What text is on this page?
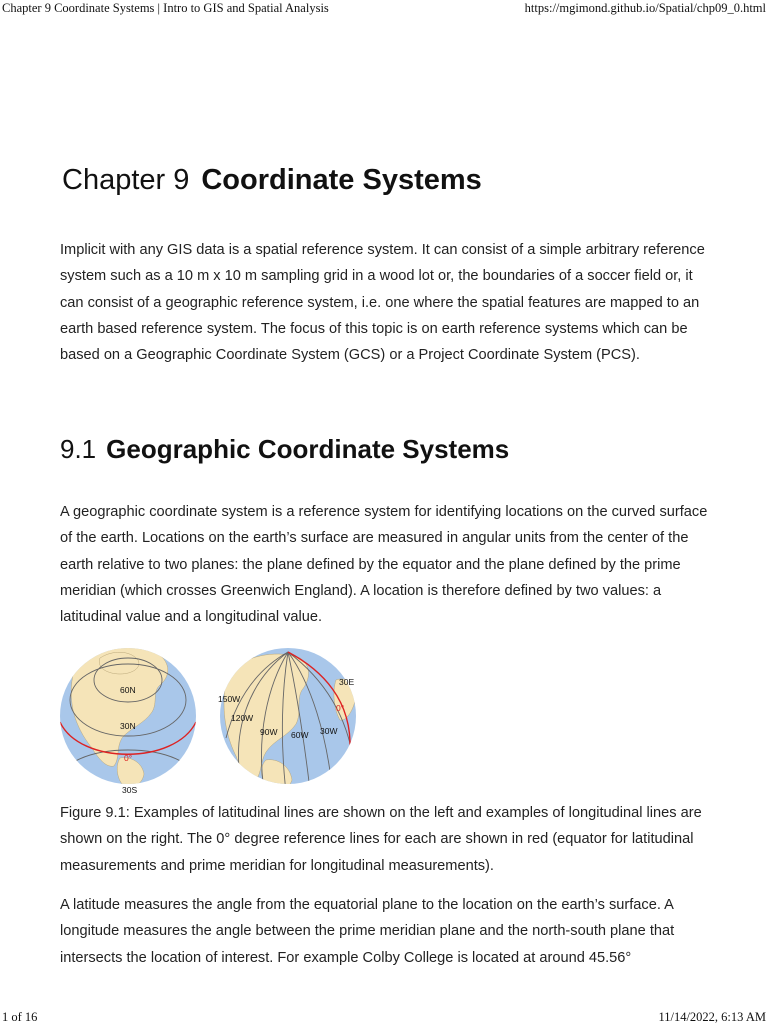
Chapter 9 Coordinate Systems | Intro to GIS and Spatial Analysis	https://mgimond.github.io/Spatial/chp09_0.html
Chapter 9 Coordinate Systems

Implicit with any GIS data is a spatial reference system. It can consist of a simple arbitrary reference system such as a 10 m x 10 m sampling grid in a wood lot or, the boundaries of a soccer field or, it can consist of a geographic reference system, i.e. one where the spatial features are mapped to an earth based reference system. The focus of this topic is on earth reference systems which can be based on a Geographic Coordinate System (GCS) or a Project Coordinate System (PCS).

9.1 Geographic Coordinate Systems

A geographic coordinate system is a reference system for identifying locations on the curved surface of the earth. Locations on the earth’s surface are measured in angular units from the center of the earth relative to two planes: the plane defined by the equator and the plane defined by the prime meridian (which crosses Greenwich England). A location is therefore defined by two values: a latitudinal value and a longitudinal value.

60N
30N
0°
30S
150W
120W
90W 60W 30W
0°
30E

Figure 9.1: Examples of latitudinal lines are shown on the left and examples of longitudinal lines are shown on the right. The 0° degree reference lines for each are shown in red (equator for latitudinal measurements and prime meridian for longitudinal measurements).

A latitude measures the angle from the equatorial plane to the location on the earth’s surface. A longitude measures the angle between the prime meridian plane and the north-south plane that intersects the location of interest. For example Colby College is located at around 45.56°

1 of 16	11/14/2022, 6:13 AM
